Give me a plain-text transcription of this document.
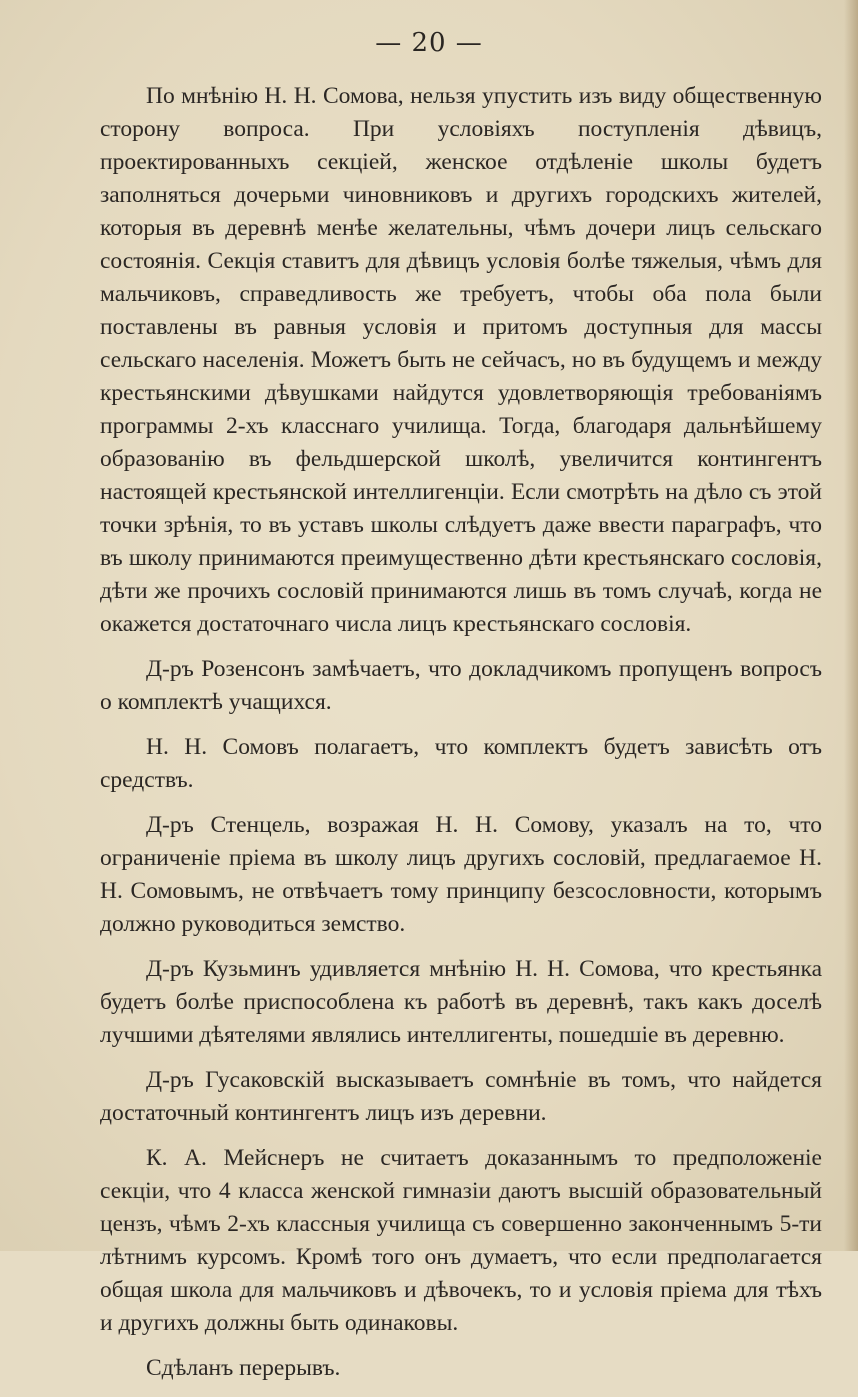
— 20 —

По мнѣнію Н. Н. Сомова, нельзя упустить изъ виду общественную сторону вопроса. При условіяхъ поступленія дѣвицъ, проектированныхъ секціей, женское отдѣленіе школы будетъ заполняться дочерьми чиновниковъ и другихъ городскихъ жителей, которыя въ деревнѣ менѣе желательны, чѣмъ дочери лицъ сельскаго состоянія. Секція ставитъ для дѣвицъ условія болѣе тяжелыя, чѣмъ для мальчиковъ, справедливость же требуетъ, чтобы оба пола были поставлены въ равныя условія и притомъ доступныя для массы сельскаго населенія. Можетъ быть не сейчасъ, но въ будущемъ и между крестьянскими дѣвушками найдутся удовлетворяющія требованіямъ программы 2-хъ класснаго училища. Тогда, благодаря дальнѣйшему образованію въ фельдшерской школѣ, увеличится контингентъ настоящей крестьянской интеллигенціи. Если смотрѣть на дѣло съ этой точки зрѣнія, то въ уставъ школы слѣдуетъ даже ввести параграфъ, что въ школу принимаются преимущественно дѣти крестьянскаго сословія, дѣти же прочихъ сословій принимаются лишь въ томъ случаѣ, когда не окажется достаточнаго числа лицъ крестьянскаго сословія.

Д-ръ Розенсонъ замѣчаетъ, что докладчикомъ пропущенъ вопросъ о комплектѣ учащихся.

Н. Н. Сомовъ полагаетъ, что комплектъ будетъ зависѣть отъ средствъ.

Д-ръ Стенцель, возражая Н. Н. Сомову, указалъ на то, что ограниченіе пріема въ школу лицъ другихъ сословій, предлагаемое Н. Н. Сомовымъ, не отвѣчаетъ тому принципу безсословности, которымъ должно руководиться земство.

Д-ръ Кузьминъ удивляется мнѣнію Н. Н. Сомова, что крестьянка будетъ болѣе приспособлена къ работѣ въ деревнѣ, такъ какъ доселѣ лучшими дѣятелями являлись интеллигенты, пошедшіе въ деревню.

Д-ръ Гусаковскій высказываетъ сомнѣніе въ томъ, что найдется достаточный контингентъ лицъ изъ деревни.

К. А. Мейснеръ не считаетъ доказаннымъ то предположеніе секціи, что 4 класса женской гимназіи даютъ высшій образовательный цензъ, чѣмъ 2-хъ классныя училища съ совершенно законченнымъ 5-ти лѣтнимъ курсомъ. Кромѣ того онъ думаетъ, что если предполагается общая школа для мальчиковъ и дѣвочекъ, то и условія пріема для тѣхъ и другихъ должны быть одинаковы.

Сдѣланъ перерывъ.
